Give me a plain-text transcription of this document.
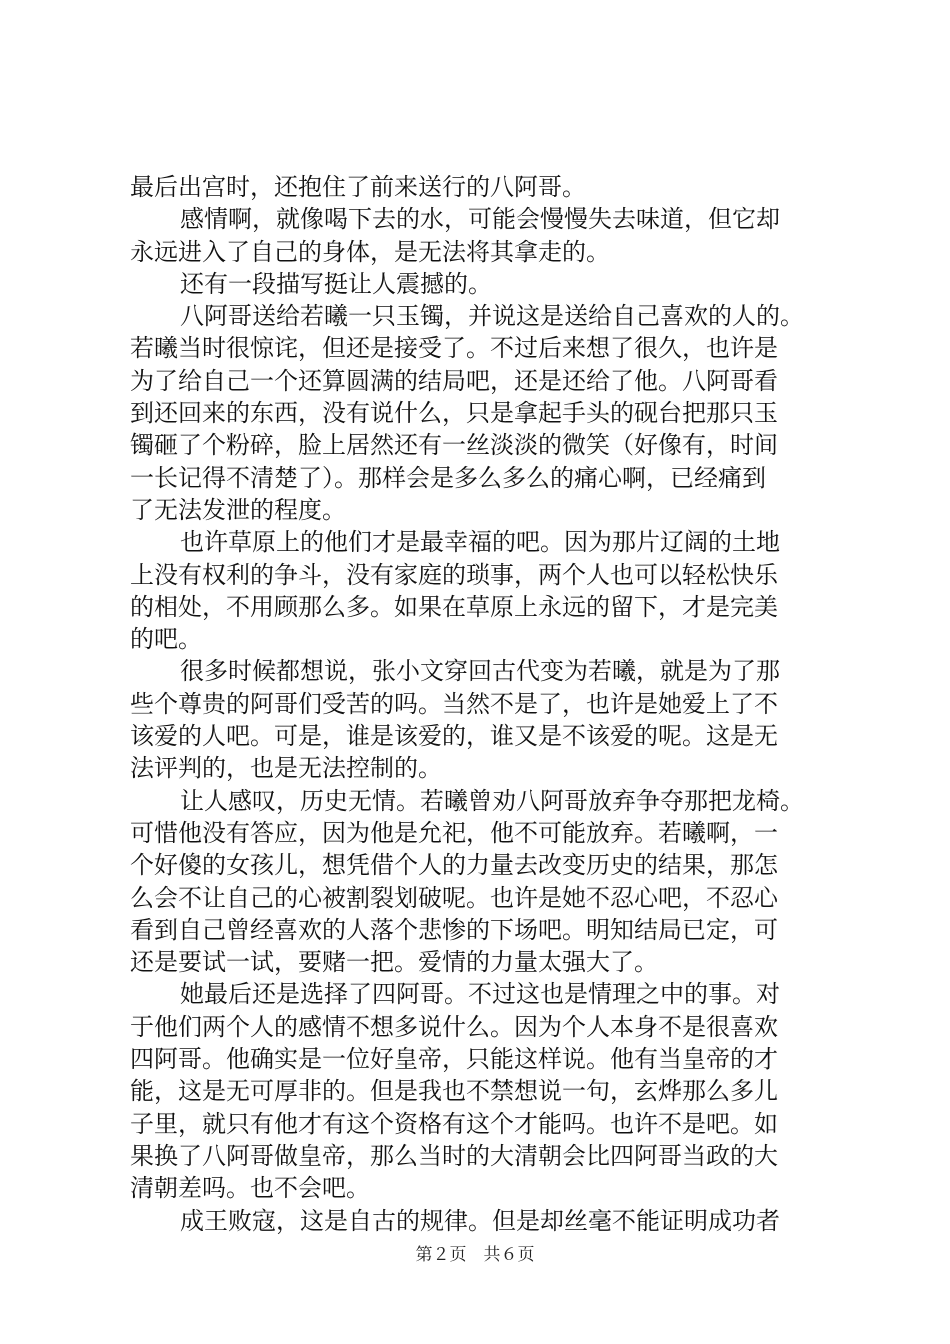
最后出宫时，还抱住了前来送行的八阿哥。
感情啊，就像喝下去的水，可能会慢慢失去味道，但它却
永远进入了自己的身体，是无法将其拿走的。
还有一段描写挺让人震撼的。
八阿哥送给若曦一只玉镯，并说这是送给自己喜欢的人的。
若曦当时很惊诧，但还是接受了。不过后来想了很久，也许是
为了给自己一个还算圆满的结局吧，还是还给了他。八阿哥看
到还回来的东西，没有说什么，只是拿起手头的砚台把那只玉
镯砸了个粉碎，脸上居然还有一丝淡淡的微笑（好像有，时间
一长记得不清楚了）。那样会是多么多么的痛心啊，已经痛到
了无法发泄的程度。
也许草原上的他们才是最幸福的吧。因为那片辽阔的土地
上没有权利的争斗，没有家庭的琐事，两个人也可以轻松快乐
的相处，不用顾那么多。如果在草原上永远的留下，才是完美
的吧。
很多时候都想说，张小文穿回古代变为若曦，就是为了那
些个尊贵的阿哥们受苦的吗。当然不是了，也许是她爱上了不
该爱的人吧。可是，谁是该爱的，谁又是不该爱的呢。这是无
法评判的，也是无法控制的。
让人感叹，历史无情。若曦曾劝八阿哥放弃争夺那把龙椅。
可惜他没有答应，因为他是允祀，他不可能放弃。若曦啊，一
个好傻的女孩儿，想凭借个人的力量去改变历史的结果，那怎
么会不让自己的心被割裂划破呢。也许是她不忍心吧，不忍心
看到自己曾经喜欢的人落个悲惨的下场吧。明知结局已定，可
还是要试一试，要赌一把。爱情的力量太强大了。
她最后还是选择了四阿哥。不过这也是情理之中的事。对
于他们两个人的感情不想多说什么。因为个人本身不是很喜欢
四阿哥。他确实是一位好皇帝，只能这样说。他有当皇帝的才
能，这是无可厚非的。但是我也不禁想说一句，玄烨那么多儿
子里，就只有他才有这个资格有这个才能吗。也许不是吧。如
果换了八阿哥做皇帝，那么当时的大清朝会比四阿哥当政的大
清朝差吗。也不会吧。
成王败寇，这是自古的规律。但是却丝毫不能证明成功者
第２页　共６页
